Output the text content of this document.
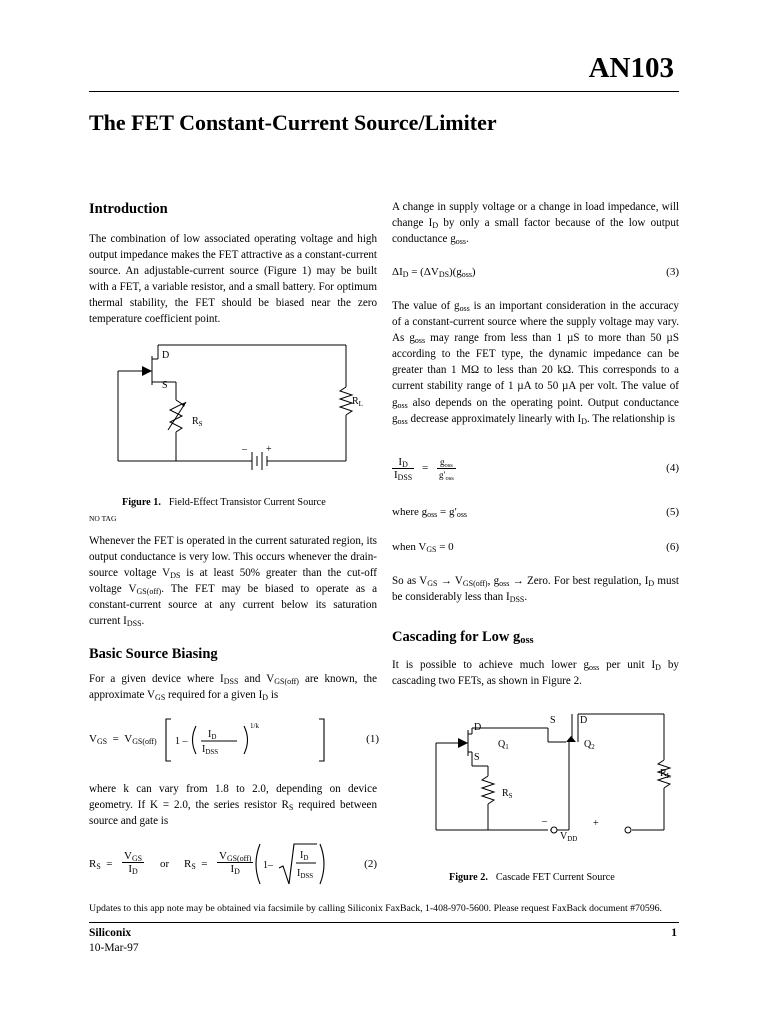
AN103
The FET Constant-Current Source/Limiter
Introduction
The combination of low associated operating voltage and high output impedance makes the FET attractive as a constant-current source. An adjustable-current source (Figure 1) may be built with a FET, a variable resistor, and a small battery. For optimum thermal stability, the FET should be biased near the zero temperature coefficient point.
D
S
$R_S$
$R_L$
– +
Figure 1. Field-Effect Transistor Current Source
NO TAG
Whenever the FET is operated in the current saturated region, its output conductance is very low. This occurs whenever the drain-source voltage $V_{DS}$ is at least 50% greater than the cut-off voltage $V_{GS(off)}$. The FET may be biased to operate as a constant-current source at any current below its saturation current $I_{DSS}$.
Basic Source Biasing
For a given device where $I_{DSS}$ and $V_{GS(off)}$ are known, the approximate $V_{GS}$ required for a given $I_D$ is
$V_{GS} = V_{GS(off)}$ 1 –
$I_D$
$I_{DSS}$
1/k
(1)
where k can vary from 1.8 to 2.0, depending on device geometry. If K = 2.0, the series resistor $R_S$ required between source and gate is
$R_S = \frac{V_{GS}}{I_D}$ or $R_S = \frac{V_{GS(off)}}{I_D} 1-$
$I_D$
$I_{DSS}$
(2)
A change in supply voltage or a change in load impedance, will change $I_D$ by only a small factor because of the low output conductance $g_{oss}$.
$\Delta I_D = (\Delta V_{DS})(g_{oss})$	(3)
The value of $g_{oss}$ is an important consideration in the accuracy of a constant-current source where the supply voltage may vary. As $g_{oss}$ may range from less than 1 µS to more than 50 µS according to the FET type, the dynamic impedance can be greater than 1 MΩ to less than 20 kΩ. This corresponds to a current stability range of 1 µA to 50 µA per volt. The value of $g_{oss}$ also depends on the operating point. Output conductance $g_{oss}$ decrease approximately linearly with $I_D$. The relationship is
$\frac{I_D}{I_{DSS}} = \frac{g_{oss}}{g'_{oss}}$	(4)
where $g_{oss} = g'_{oss}$	(5)
when $V_{GS} = 0$	(6)
So as $V_{GS} \to V_{GS(off)}$, $g_{oss}$ → Zero. For best regulation, $I_D$ must be considerably less than $I_{DSS}$.
Cascading for Low $g_{oss}$
It is possible to achieve much lower $g_{oss}$ per unit $I_D$ by cascading two FETs, as shown in Figure 2.
D
S
$Q_1$
S D
$Q_2$
$R_S$
$R_L$
–	+
$V_{DD}$
Figure 2. Cascade FET Current Source
Updates to this app note may be obtained via facsimile by calling Siliconix FaxBack, 1-408-970-5600. Please request FaxBack document #70596.
Siliconix	1
10-Mar-97
